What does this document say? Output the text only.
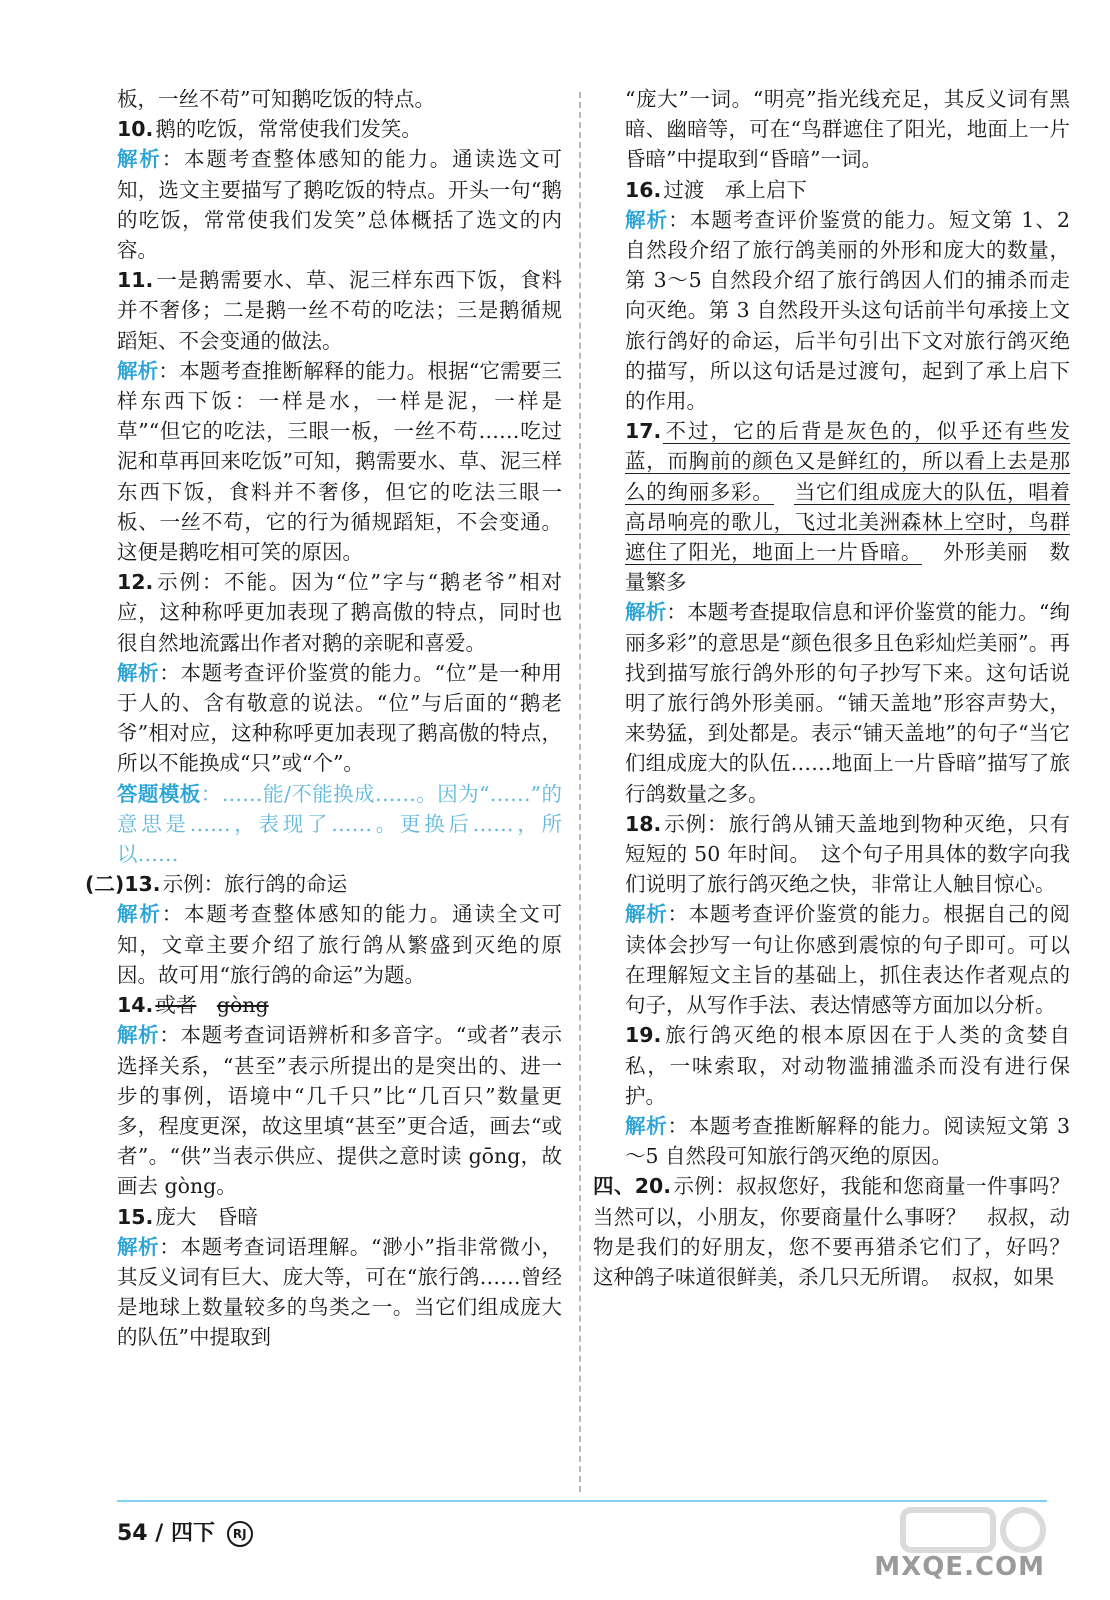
板，一丝不苟”可知鹅吃饭的特点。

10.鹅的吃饭，常常使我们发笑。

解析：本题考查整体感知的能力。通读选文可知，选文主要描写了鹅吃饭的特点。开头一句“鹅的吃饭，常常使我们发笑”总体概括了选文的内容。

11.一是鹅需要水、草、泥三样东西下饭，食料并不奢侈；二是鹅一丝不苟的吃法；三是鹅循规蹈矩、不会变通的做法。

解析：本题考查推断解释的能力。根据“它需要三样东西下饭：一样是水，一样是泥，一样是草”“但它的吃法，三眼一板，一丝不苟……吃过泥和草再回来吃饭”可知，鹅需要水、草、泥三样东西下饭，食料并不奢侈，但它的吃法三眼一板、一丝不苟，它的行为循规蹈矩，不会变通。这便是鹅吃相可笑的原因。

12.示例：不能。因为“位”字与“鹅老爷”相对应，这种称呼更加表现了鹅高傲的特点，同时也很自然地流露出作者对鹅的亲昵和喜爱。

解析：本题考查评价鉴赏的能力。“位”是一种用于人的、含有敬意的说法。“位”与后面的“鹅老爷”相对应，这种称呼更加表现了鹅高傲的特点，所以不能换成“只”或“个”。

答题模板：……能/不能换成……。因为“……”的意思是……，表现了……。更换后……，所以……

(二)13.示例：旅行鸽的命运

解析：本题考查整体感知的能力。通读全文可知，文章主要介绍了旅行鸽从繁盛到灭绝的原因。故可用“旅行鸽的命运”为题。

14.或者  gòng

解析：本题考查词语辨析和多音字。“或者”表示选择关系，“甚至”表示所提出的是突出的、进一步的事例，语境中“几千只”比“几百只”数量更多，程度更深，故这里填“甚至”更合适，画去“或者”。“供”当表示供应、提供之意时读 gōng，故画去 gòng。

15.庞大　昏暗

解析：本题考查词语理解。“渺小”指非常微小，其反义词有巨大、庞大等，可在“旅行鸽……曾经是地球上数量较多的鸟类之一。当它们组成庞大的队伍”中提取到

“庞大”一词。“明亮”指光线充足，其反义词有黑暗、幽暗等，可在“鸟群遮住了阳光，地面上一片昏暗”中提取到“昏暗”一词。

16.过渡　承上启下

解析：本题考查评价鉴赏的能力。短文第 1、2 自然段介绍了旅行鸽美丽的外形和庞大的数量，第 3～5 自然段介绍了旅行鸽因人们的捕杀而走向灭绝。第 3 自然段开头这句话前半句承接上文旅行鸽好的命运，后半句引出下文对旅行鸽灭绝的描写，所以这句话是过渡句，起到了承上启下的作用。

17.不过，它的后背是灰色的，似乎还有些发蓝，而胸前的颜色又是鲜红的，所以看上去是那么的绚丽多彩。  当它们组成庞大的队伍，唱着高昂响亮的歌儿，飞过北美洲森林上空时，鸟群遮住了阳光，地面上一片昏暗。  外形美丽　数量繁多

解析：本题考查提取信息和评价鉴赏的能力。“绚丽多彩”的意思是“颜色很多且色彩灿烂美丽”。再找到描写旅行鸽外形的句子抄写下来。这句话说明了旅行鸽外形美丽。“铺天盖地”形容声势大，来势猛，到处都是。表示“铺天盖地”的句子“当它们组成庞大的队伍……地面上一片昏暗”描写了旅行鸽数量之多。

18.示例：旅行鸽从铺天盖地到物种灭绝，只有短短的 50 年时间。　这个句子用具体的数字向我们说明了旅行鸽灭绝之快，非常让人触目惊心。

解析：本题考查评价鉴赏的能力。根据自己的阅读体会抄写一句让你感到震惊的句子即可。可以在理解短文主旨的基础上，抓住表达作者观点的句子，从写作手法、表达情感等方面加以分析。

19.旅行鸽灭绝的根本原因在于人类的贪婪自私，一味索取，对动物滥捕滥杀而没有进行保护。

解析：本题考查推断解释的能力。阅读短文第 3～5 自然段可知旅行鸽灭绝的原因。

四、20.示例：叔叔您好，我能和您商量一件事吗？　当然可以，小朋友，你要商量什么事呀？　叔叔，动物是我们的好朋友，您不要再猎杀它们了，好吗？　这种鸽子味道很鲜美，杀几只无所谓。　叔叔，如果

54 / 四下 RJ
MXQE.COM
